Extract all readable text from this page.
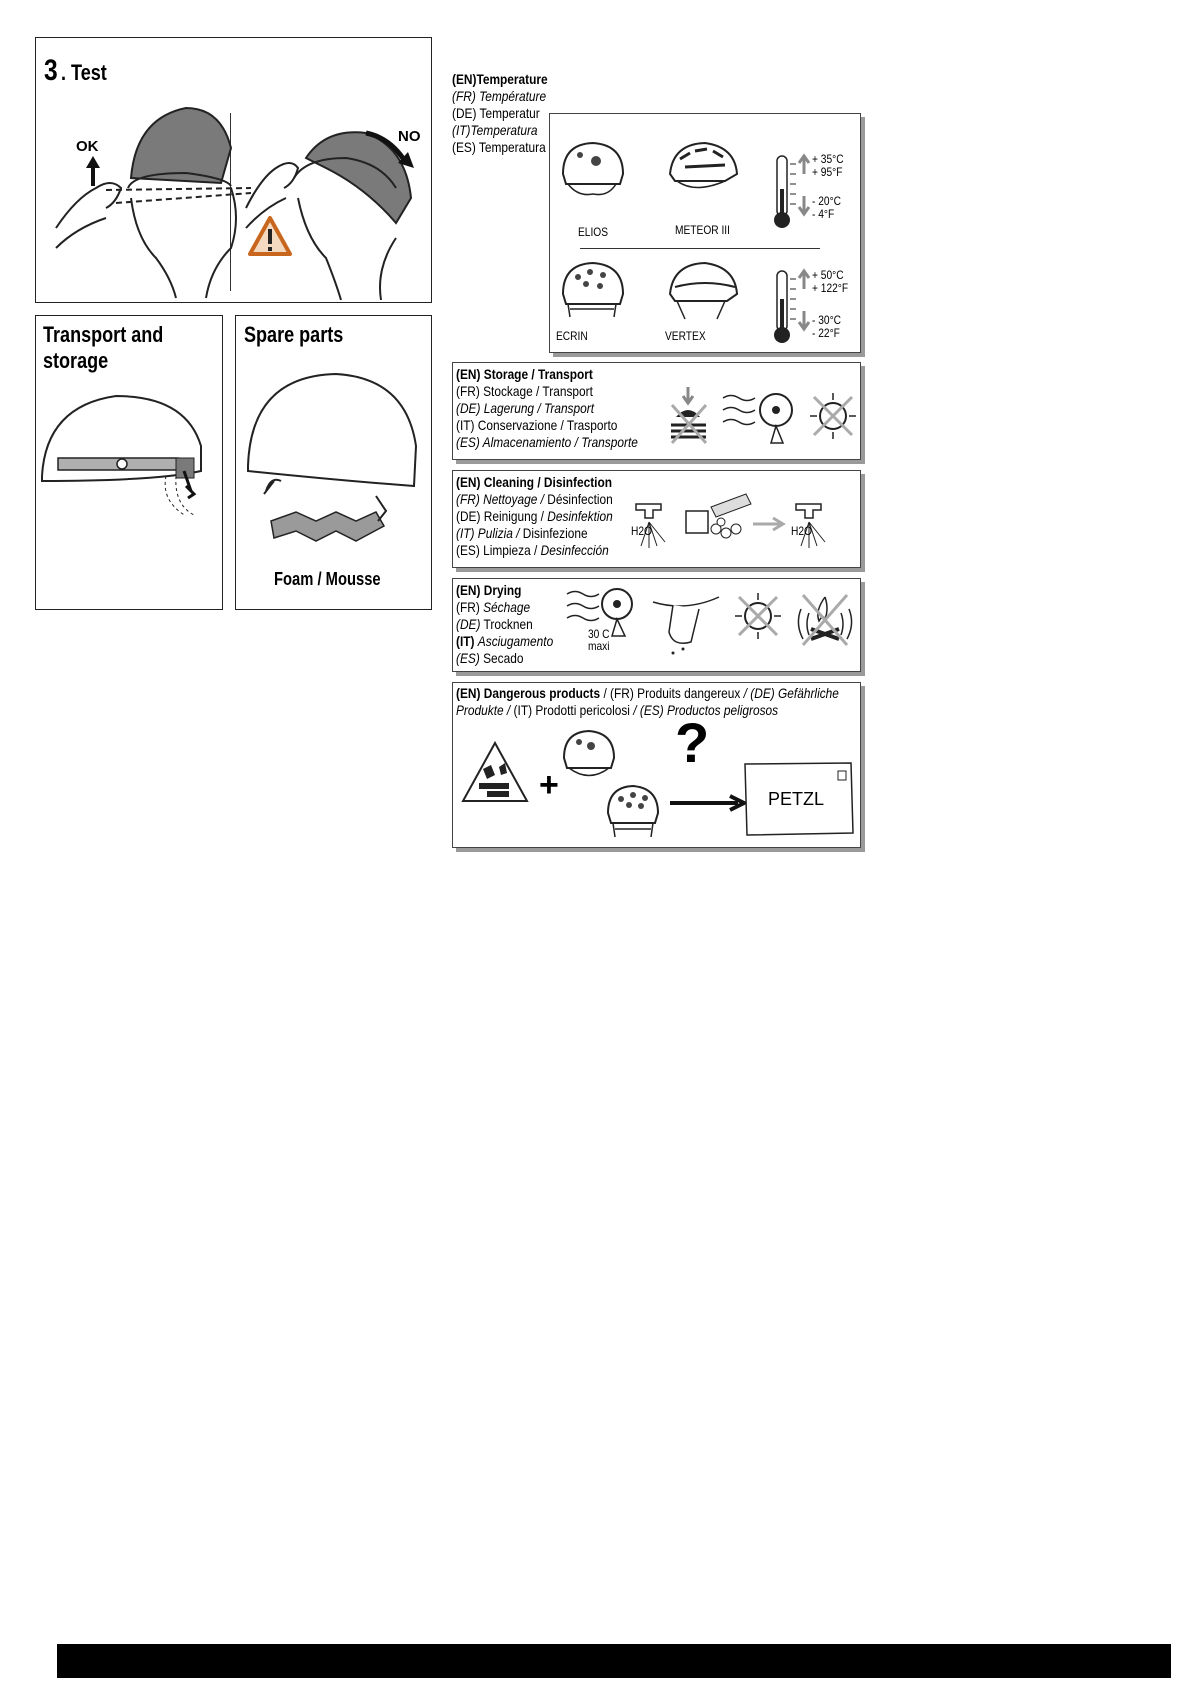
3 . Test
OK
NO
Transport and
storage
Spare parts
Foam / Mousse
(EN)Temperature
(FR) Température
(DE) Temperatur
(IT)Temperatura
(ES) Temperatura
ELIOS	METEOR III
+ 35°C
+ 95°F
- 20°C
- 4°F
ECRIN	VERTEX
+ 50°C
+ 122°F
- 30°C
- 22°F
(EN) Storage / Transport
(FR) Stockage / Transport
(DE) Lagerung / Transport
(IT) Conservazione / Trasporto
(ES) Almacenamiento / Transporte
(EN) Cleaning / Disinfection
(FR) Nettoyage / Désinfection
(DE) Reinigung / Desinfektion
(IT) Pulizia / Disinfezione
(ES) Limpieza / Desinfección
H2O	H2O
(EN) Drying
(FR) Séchage
(DE) Trocknen
(IT) Asciugamento
(ES) Secado
30 C
maxi
(EN) Dangerous products / (FR) Produits dangereux / (DE) Gefährliche
Produkte / (IT) Prodotti pericolosi / (ES) Productos peligrosos
+
?
PETZL
